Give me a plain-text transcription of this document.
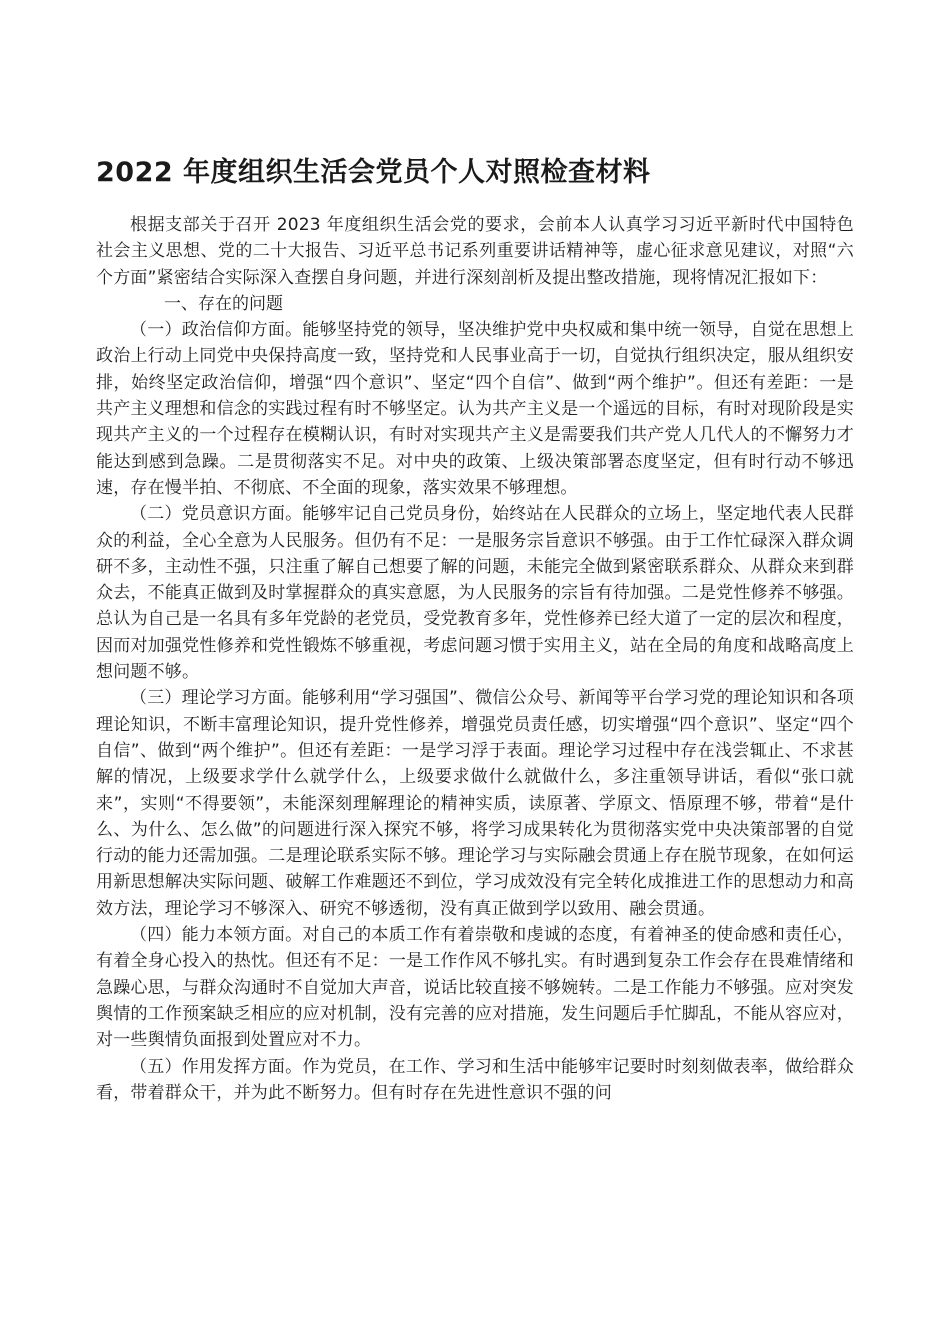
2022 年度组织生活会党员个人对照检查材料

根据支部关于召开 2023 年度组织生活会党的要求，会前本人认真学习习近平新时代中国特色社会主义思想、党的二十大报告、习近平总书记系列重要讲话精神等，虚心征求意见建议，对照“六个方面”紧密结合实际深入查摆自身问题，并进行深刻剖析及提出整改措施，现将情况汇报如下：

一、存在的问题

（一）政治信仰方面。能够坚持党的领导，坚决维护党中央权威和集中统一领导，自觉在思想上政治上行动上同党中央保持高度一致，坚持党和人民事业高于一切，自觉执行组织决定，服从组织安排，始终坚定政治信仰，增强“四个意识”、坚定“四个自信”、做到“两个维护”。但还有差距：一是共产主义理想和信念的实践过程有时不够坚定。认为共产主义是一个遥远的目标，有时对现阶段是实现共产主义的一个过程存在模糊认识，有时对实现共产主义是需要我们共产党人几代人的不懈努力才能达到感到急躁。二是贯彻落实不足。对中央的政策、上级决策部署态度坚定，但有时行动不够迅速，存在慢半拍、不彻底、不全面的现象，落实效果不够理想。

（二）党员意识方面。能够牢记自己党员身份，始终站在人民群众的立场上，坚定地代表人民群众的利益，全心全意为人民服务。但仍有不足：一是服务宗旨意识不够强。由于工作忙碌深入群众调研不多，主动性不强，只注重了解自己想要了解的问题，未能完全做到紧密联系群众、从群众来到群众去，不能真正做到及时掌握群众的真实意愿，为人民服务的宗旨有待加强。二是党性修养不够强。总认为自己是一名具有多年党龄的老党员，受党教育多年，党性修养已经大道了一定的层次和程度，因而对加强党性修养和党性锻炼不够重视，考虑问题习惯于实用主义，站在全局的角度和战略高度上想问题不够。

（三）理论学习方面。能够利用“学习强国”、微信公众号、新闻等平台学习党的理论知识和各项理论知识，不断丰富理论知识，提升党性修养，增强党员责任感，切实增强“四个意识”、坚定“四个自信”、做到“两个维护”。但还有差距：一是学习浮于表面。理论学习过程中存在浅尝辄止、不求甚解的情况，上级要求学什么就学什么，上级要求做什么就做什么，多注重领导讲话，看似“张口就来”，实则“不得要领”，未能深刻理解理论的精神实质，读原著、学原文、悟原理不够，带着“是什么、为什么、怎么做”的问题进行深入探究不够，将学习成果转化为贯彻落实党中央决策部署的自觉行动的能力还需加强。二是理论联系实际不够。理论学习与实际融会贯通上存在脱节现象，在如何运用新思想解决实际问题、破解工作难题还不到位，学习成效没有完全转化成推进工作的思想动力和高效方法，理论学习不够深入、研究不够透彻，没有真正做到学以致用、融会贯通。

（四）能力本领方面。对自己的本质工作有着崇敬和虔诚的态度，有着神圣的使命感和责任心，有着全身心投入的热忱。但还有不足：一是工作作风不够扎实。有时遇到复杂工作会存在畏难情绪和急躁心思，与群众沟通时不自觉加大声音，说话比较直接不够婉转。二是工作能力不够强。应对突发舆情的工作预案缺乏相应的应对机制，没有完善的应对措施，发生问题后手忙脚乱，不能从容应对，对一些舆情负面报到处置应对不力。

（五）作用发挥方面。作为党员，在工作、学习和生活中能够牢记要时时刻刻做表率，做给群众看，带着群众干，并为此不断努力。但有时存在先进性意识不强的问
